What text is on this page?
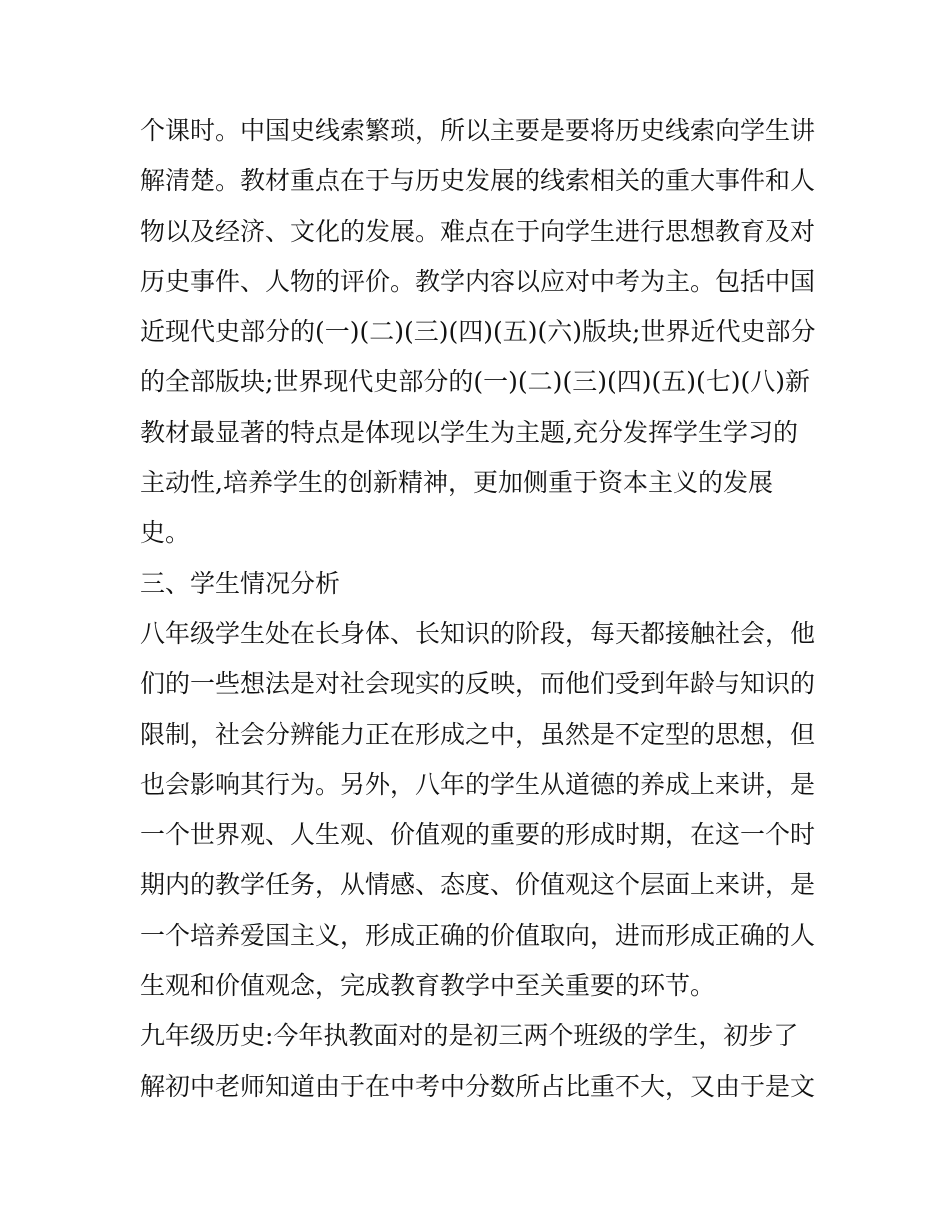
个课时。中国史线索繁琐，所以主要是要将历史线索向学生讲
解清楚。教材重点在于与历史发展的线索相关的重大事件和人
物以及经济、文化的发展。难点在于向学生进行思想教育及对
历史事件、人物的评价。教学内容以应对中考为主。包括中国
近现代史部分的(一)(二)(三)(四)(五)(六)版块;世界近代史部分
的全部版块;世界现代史部分的(一)(二)(三)(四)(五)(七)(八)新
教材最显著的特点是体现以学生为主题,充分发挥学生学习的
主动性,培养学生的创新精神，更加侧重于资本主义的发展
史。
三、学生情况分析
八年级学生处在长身体、长知识的阶段，每天都接触社会，他
们的一些想法是对社会现实的反映，而他们受到年龄与知识的
限制，社会分辨能力正在形成之中，虽然是不定型的思想，但
也会影响其行为。另外，八年的学生从道德的养成上来讲，是
一个世界观、人生观、价值观的重要的形成时期，在这一个时
期内的教学任务，从情感、态度、价值观这个层面上来讲，是
一个培养爱国主义，形成正确的价值取向，进而形成正确的人
生观和价值观念，完成教育教学中至关重要的环节。
九年级历史:今年执教面对的是初三两个班级的学生，初步了
解初中老师知道由于在中考中分数所占比重不大，又由于是文
